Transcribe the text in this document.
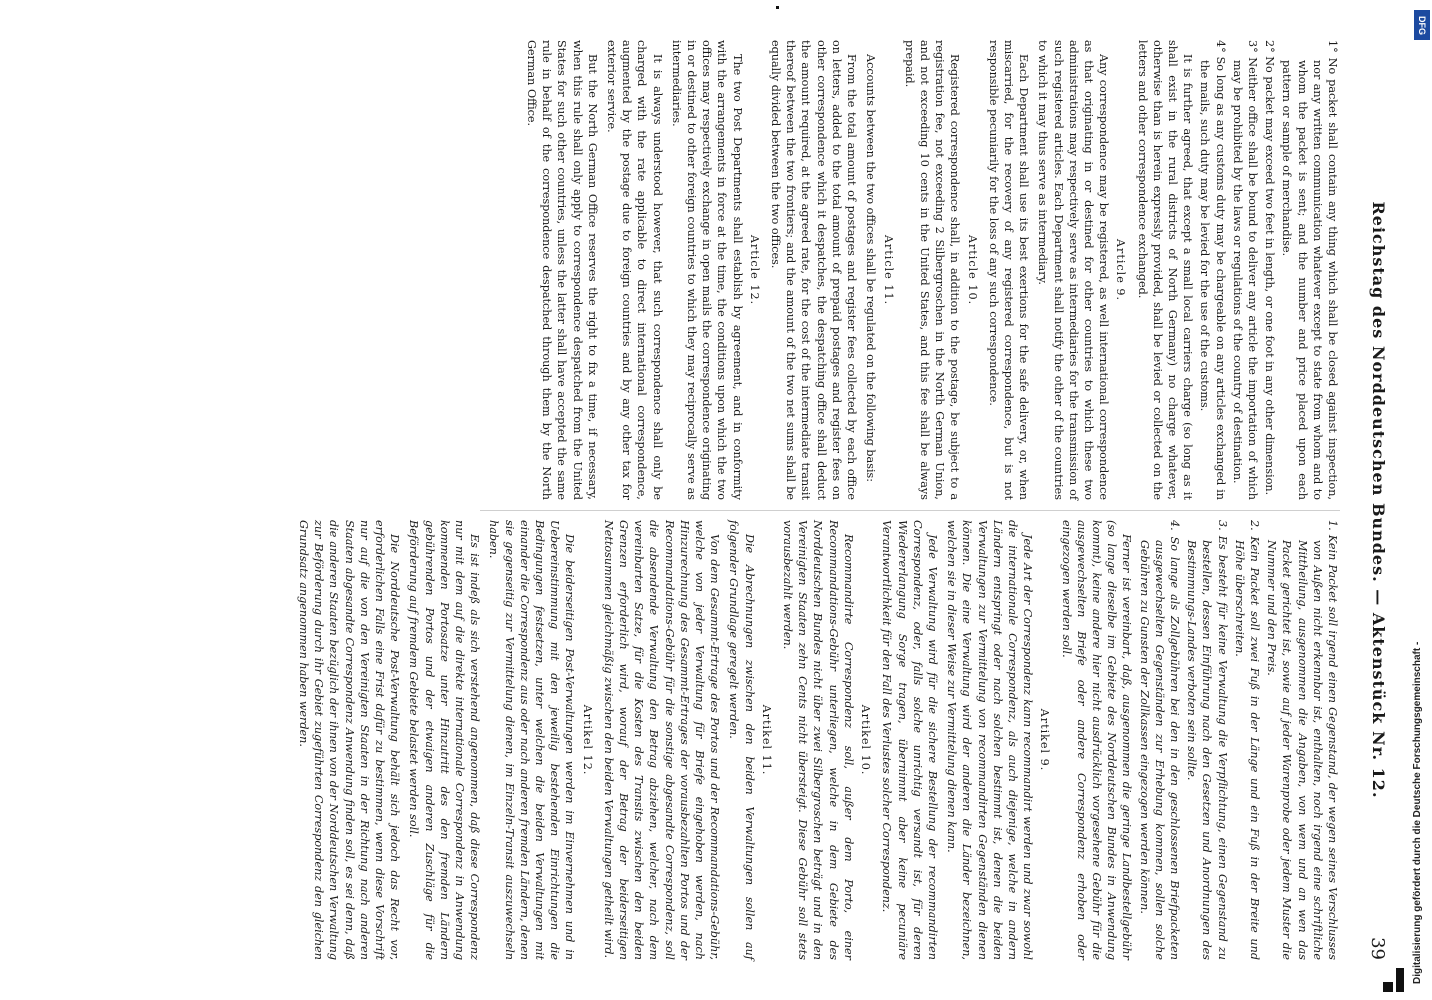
Reichstag des Norddeutschen Bundes. — Aktenstück Nr. 12.
39
1° No packet shall contain any thing which shall be closed against inspection, nor any written communication whatever except to state from whom and to whom the packet is sent; and the number and price placed upon each pattern or sample of merchandise.
2° No packet may exceed two feet in length, or one foot in any other dimension.
3° Neither office shall be bound to deliver any article the importation of which may be prohibited by the laws or regulations of the country of destination.
4° So long as any customs duty may be chargeable on any articles exchanged in the mails, such duty may be levied for the use of the customs.

It is further agreed, that except a small local carriers charge (so long as it shall exist in the rural districts of North Germany) no charge whatever, otherwise than is herein expressly provided, shall be levied or collected on the letters and other correspondence exchanged.

Article 9.

Any correspondence may be registered, as well international correspondence as that originating in or destined for other countries to which these two administrations may respectively serve as intermediaries for the transmission of such registered articles. Each Department shall notify the other of the countries to which it may thus serve as intermediary.

Each Department shall use its best exertions for the safe delivery, or, when miscarried, for the recovery of any registered correspondence, but is not responsible pecuniarily for the loss of any such correspondence.

Article 10.

Registered correspondence shall, in addition to the postage, be subject to a registration fee, not exceeding 2 Silbergroschen in the North German Union, and not exceeding 10 cents in the United States, and this fee shall be always prepaid.

Article 11.

Accounts between the two offices shall be regulated on the following basis:

From the total amount of postages and register fees collected by each office on letters, added to the total amount of prepaid postages and register fees on other correspondence which it despatches, the despatching office shall deduct the amount required, at the agreed rate, for the cost of the intermediate transit thereof between the two frontiers; and the amount of the two net sums shall be equally divided between the two offices.

Article 12.

The two Post Departments shall establish by agreement, and in conformity with the arrangements in force at the time, the conditions upon which the two offices may respectively exchange in open mails the correspondence originating in or destined to other foreign countries to which they may reciprocally serve as intermediaries.

It is always understood however, that such correspondence shall only be charged with the rate applicable to direct international correspondence, augmented by the postage due to foreign countries and by any other tax for exterior service.

But the North German Office reserves the right to fix a time, if necessary, when this rule shall only apply to correspondence despatched from the United States for such other countries, unless the latter shall have accepted the same rule in behalf of the correspondence despatched through them by the North German Office.

1. Kein Packet soll irgend einen Gegenstand, der wegen seines Verschlusses von Außen nicht erkennbar ist, enthalten, noch irgend eine schriftliche Mittheilung, ausgenommen die Angaben, von wem und an wen das Packet gerichtet ist, sowie auf jeder Warenprobe oder jedem Muster die Nummer und den Preis.
2. Kein Packet soll zwei Fuß in der Länge und ein Fuß in der Breite und Höhe überschreiten.
3. Es besteht für keine Verwaltung die Verpflichtung, einen Gegenstand zu bestellen, dessen Einführung nach den Gesetzen und Anordnungen des Bestimmungs-Landes verboten sein sollte.
4. So lange als Zollgebühren bei den in den geschlossenen Briefpacketen ausgewechselten Gegenständen zur Erhebung kommen, sollen solche Gebühren zu Gunsten der Zollkassen eingezogen werden können.

Ferner ist vereinbart, daß, ausgenommen die geringe Landbestellgebühr (so lange dieselbe im Gebiete des Norddeutschen Bundes in Anwendung kommt), keine andere hier nicht ausdrücklich vorgesehene Gebühr für die ausgewechselten Briefe oder andere Correspondenz erhoben oder eingezogen werden soll.

Artikel 9.

Jede Art der Correspondenz kann recommandirt werden und zwar sowohl die internationale Correspondenz, als auch diejenige, welche in andern Ländern entspringt oder nach solchen bestimmt ist, denen die beiden Verwaltungen zur Vermittelung von recommandirten Gegenständen dienen können. Die eine Verwaltung wird der anderen die Länder bezeichnen, welchen sie in dieser Weise zur Vermittelung dienen kann.

Jede Verwaltung wird für die sichere Bestellung der recommandirten Correspondenz, oder, falls solche unrichtig versandt ist, für deren Wiedererlangung Sorge tragen, übernimmt aber keine pecuniäre Verantwortlichkeit für den Fall des Verlustes solcher Correspondenz.

Artikel 10.

Recommandirte Correspondenz soll, außer dem Porto, einer Recommandations-Gebühr unterliegen, welche in dem Gebiete des Norddeutschen Bundes nicht über zwei Silbergroschen beträgt und in den Vereinigten Staaten zehn Cents nicht übersteigt. Diese Gebühr soll stets vorausbezahlt werden.

Artikel 11.

Die Abrechnungen zwischen den beiden Verwaltungen sollen auf folgender Grundlage geregelt werden.

Von dem Gesammt-Ertrage des Portos und der Recommandations-Gebühr, welche von jeder Verwaltung für Briefe eingehoben werden, nach Hinzurechnung des Gesammt-Ertrages der vorausbezahlten Portos und der Recommandations-Gebühr für die sonstige abgesandte Correspondenz, soll die absendende Verwaltung den Betrag abziehen, welcher, nach dem vereinbarten Satze, für die Kosten des Transits zwischen den beiden Grenzen erforderlich wird, worauf der Betrag der beiderseitigen Nettosummen gleichmäßig zwischen den beiden Verwaltungen getheilt wird.

Artikel 12.

Die beiderseitigen Post-Verwaltungen werden im Einvernehmen und in Uebereinstimmung mit den jeweilig bestehenden Einrichtungen die Bedingungen festsetzen, unter welchen die beiden Verwaltungen mit einander die Correspondenz aus oder nach anderen fremden Ländern, denen sie gegenseitig zur Vermittelung dienen, im Einzeln-Transit auszuwechseln haben.

Es ist indeß als sich verstehend angenommen, daß diese Correspondenz nur mit dem auf die direkte internationale Correspondenz in Anwendung kommenden Portosatze unter Hinzutritt des den fremden Ländern gebührenden Portos und der etwaigen anderen Zuschläge für die Beförderung auf fremdem Gebiete belastet werden soll.

Die Norddeutsche Post-Verwaltung behält sich jedoch das Recht vor, erforderlichen Falls eine Frist dafür zu bestimmen, wenn diese Vorschrift nur auf die von den Vereinigten Staaten in der Richtung nach anderen Staaten abgesandte Correspondenz Anwendung finden soll, es sei denn, daß die anderen Staaten bezüglich der ihnen von der Norddeutschen Verwaltung zur Beförderung durch ihr Gebiet zugeführten Correspondenz den gleichen Grundsatz angenommen haben werden.

DFG
Digitalisierung gefördert durch die Deutsche Forschungsgemeinschaft -
